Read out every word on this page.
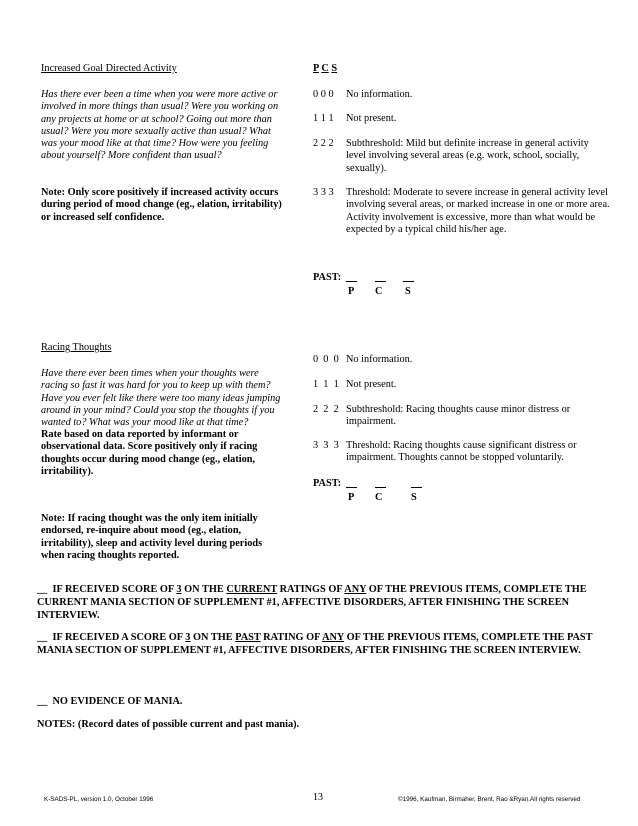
Increased Goal Directed Activity
Has there ever been a time when you were more active or involved in more things than usual? Were you working on any projects at home or at school? Going out more than usual? Were you more sexually active than usual? What was your mood like at that time? How were you feeling about yourself? More confident than usual?
Note: Only score positively if increased activity occurs during period of mood change (eg., elation, irritability) or increased self confidence.
P C S
0 0 0 No information.
1 1 1 Not present.
2 2 2 Subthreshold: Mild but definite increase in general activity level involving several areas (e.g. work, school, socially, sexually).
3 3 3 Threshold: Moderate to severe increase in general activity level involving several areas, or marked increase in one or more area. Activity involvement is excessive, more than what would be expected by a typical child his/her age.
PAST:
P C S
Racing Thoughts
Have there ever been times when your thoughts were racing so fast it was hard for you to keep up with them? Have you ever felt like there were too many ideas jumping around in your mind? Could you stop the thoughts if you wanted to? What was your mood like at that time?
Rate based on data reported by informant or observational data. Score positively only if racing thoughts occur during mood change (eg., elation, irritability).
Note: If racing thought was the only item initially endorsed, re-inquire about mood (eg., elation, irritability), sleep and activity level during periods when racing thoughts reported.
0  0  0 No information.
1  1  1 Not present.
2  2  2 Subthreshold: Racing thoughts cause minor distress or impairment.
3  3  3 Threshold: Racing thoughts cause significant distress or impairment. Thoughts cannot be stopped voluntarily.
PAST:
P C	S
__ IF RECEIVED SCORE OF 3 ON THE CURRENT RATINGS OF ANY OF THE PREVIOUS ITEMS, COMPLETE THE CURRENT MANIA SECTION OF SUPPLEMENT #1, AFFECTIVE DISORDERS, AFTER FINISHING THE SCREEN INTERVIEW.
__ IF RECEIVED A SCORE OF 3 ON THE PAST RATING OF ANY OF THE PREVIOUS ITEMS, COMPLETE THE PAST MANIA SECTION OF SUPPLEMENT #1, AFFECTIVE DISORDERS, AFTER FINISHING THE SCREEN INTERVIEW.
__ NO EVIDENCE OF MANIA.
NOTES: (Record dates of possible current and past mania).
K-SADS-PL, version 1.0, October 1996	13	©1996, Kaufman, Birmaher, Brent, Rao &Ryan.All rights reserved
